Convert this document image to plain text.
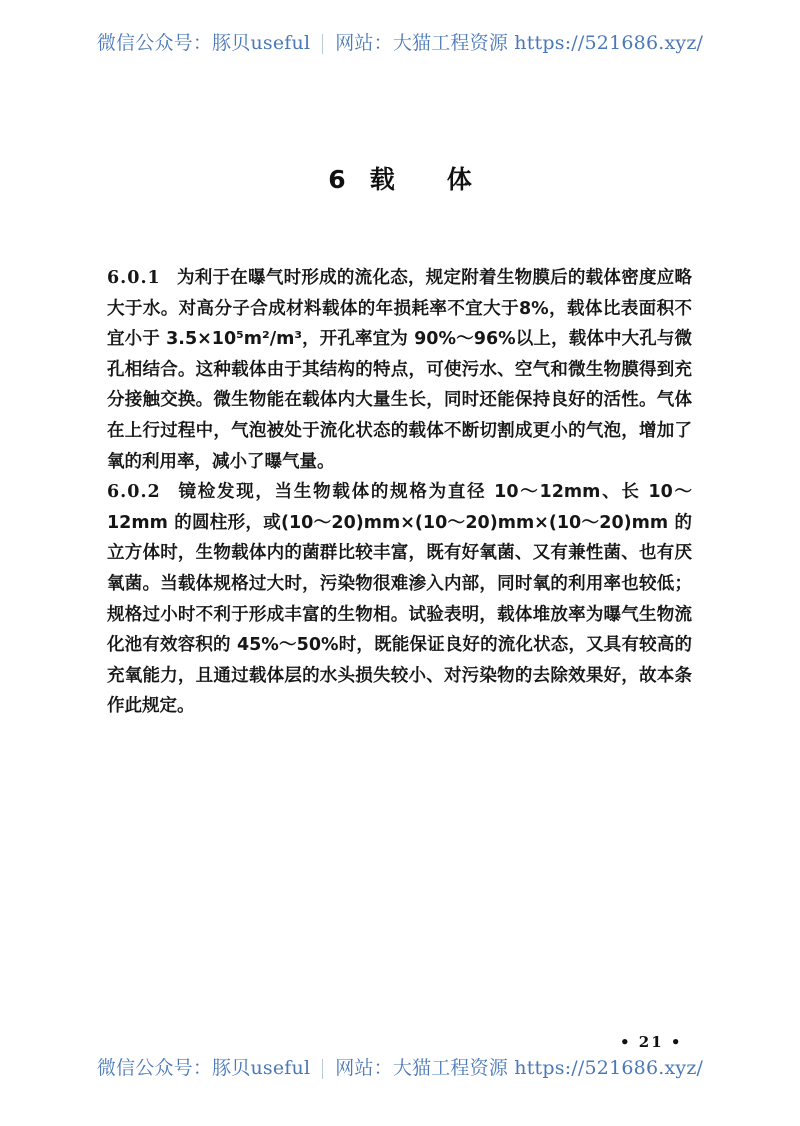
微信公众号：豚贝useful 网站：大猫工程资源 https://521686.xyz/
6 载 体

6.0.1 为利于在曝气时形成的流化态，规定附着生物膜后的载体密度应略大于水。对高分子合成材料载体的年损耗率不宜大于8%，载体比表面积不宜小于 3.5×10⁵m²/m³，开孔率宜为 90%～96%以上，载体中大孔与微孔相结合。这种载体由于其结构的特点，可使污水、空气和微生物膜得到充分接触交换。微生物能在载体内大量生长，同时还能保持良好的活性。气体在上行过程中，气泡被处于流化状态的载体不断切割成更小的气泡，增加了氧的利用率，减小了曝气量。

6.0.2 镜检发现，当生物载体的规格为直径 10～12mm、长 10～12mm 的圆柱形，或(10～20)mm×(10～20)mm×(10～20)mm 的立方体时，生物载体内的菌群比较丰富，既有好氧菌、又有兼性菌、也有厌氧菌。当载体规格过大时，污染物很难渗入内部，同时氧的利用率也较低；规格过小时不利于形成丰富的生物相。试验表明，载体堆放率为曝气生物流化池有效容积的 45%～50%时，既能保证良好的流化状态，又具有较高的充氧能力，且通过载体层的水头损失较小、对污染物的去除效果好，故本条作此规定。

• 21 •
微信公众号：豚贝useful 网站：大猫工程资源 https://521686.xyz/
